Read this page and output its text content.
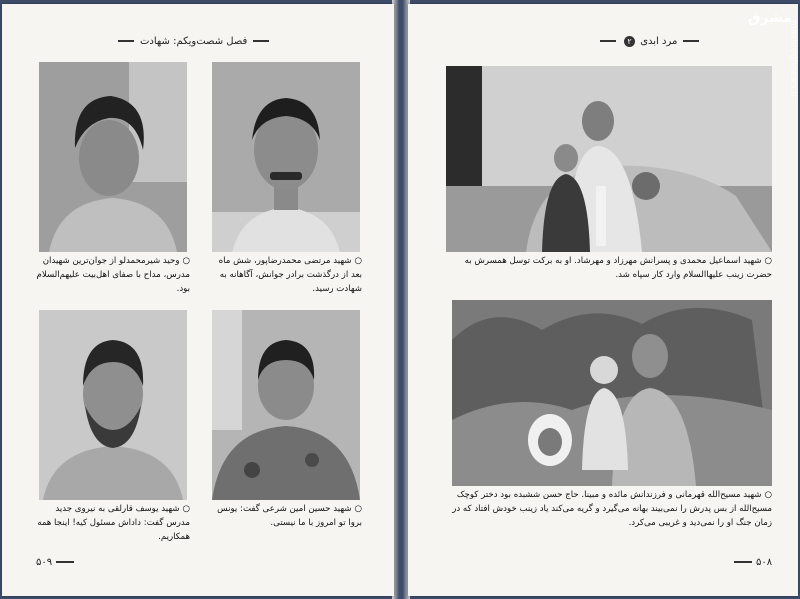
فصل شصت‌ویکم: شهادت
○ شهید مرتضی محمدرضاپور، شش ماه بعد از درگذشت برادر جوانش، آگاهانه به شهادت رسید.
○ وحید شیرمحمدلو از جوان‌ترین شهیدان مدرس، مداح با صفای اهل‌بیت علیهم‌السلام بود.
○ شهید حسین امین شرعی گفت: یونس بروا تو امروز با ما نیستی.
○ شهید یوسف قارلقی به نیروی جدید مدرس گفت: داداش مسئول کیه! اینجا همه همکاریم.
۵۰۹
مرد ابدی ۲
○ شهید اسماعیل محمدی و پسرانش مهرزاد و مهرشاد. او به برکت توسل همسرش به حضرت زینب علیهاالسلام وارد کار سپاه شد.
○ شهید مسیح‌الله قهرمانی و فرزندانش مائده و مبینا. حاج حسن ششبده بود دختر کوچک مسیح‌الله از بس پدرش را نمی‌بیند بهانه می‌گیرد و گریه می‌کند یاد زینب خودش افتاد که در زمان جنگ او را نمی‌دید و غریبی می‌کرد.
۵۰۸
مشرق
mashreghnews.ir
